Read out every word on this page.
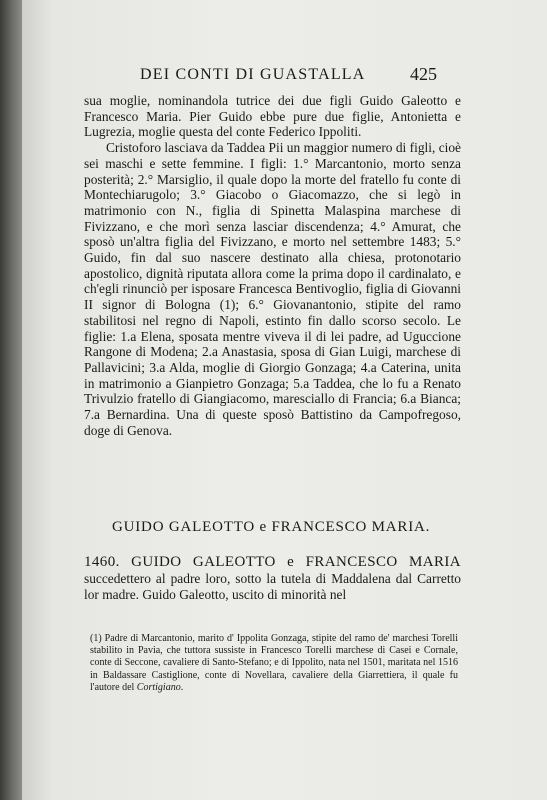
DEI CONTI DI GUASTALLA 425

sua moglie, nominandola tutrice dei due figli Guido Galeotto e Francesco Maria. Pier Guido ebbe pure due figlie, Antonietta e Lugrezia, moglie questa del conte Federico Ippoliti.

Cristoforo lasciava da Taddea Pii un maggior numero di figli, cioè sei maschi e sette femmine. I figli: 1.° Marcantonio, morto senza posterità; 2.° Marsiglio, il quale dopo la morte del fratello fu conte di Montechiarugolo; 3.° Giacobo o Giacomazzo, che si legò in matrimonio con N., figlia di Spinetta Malaspina marchese di Fivizzano, e che morì senza lasciar discendenza; 4.° Amurat, che sposò un'altra figlia del Fivizzano, e morto nel settembre 1483; 5.° Guido, fin dal suo nascere destinato alla chiesa, protonotario apostolico, dignità riputata allora come la prima dopo il cardinalato, e ch'egli rinunciò per isposare Francesca Bentivoglio, figlia di Giovanni II signor di Bologna (1); 6.° Giovanantonio, stipite del ramo stabilitosi nel regno di Napoli, estinto fin dallo scorso secolo. Le figlie: 1.a Elena, sposata mentre viveva il di lei padre, ad Uguccione Rangone di Modena; 2.a Anastasia, sposa di Gian Luigi, marchese di Pallavicini; 3.a Alda, moglie di Giorgio Gonzaga; 4.a Caterina, unita in matrimonio a Gianpietro Gonzaga; 5.a Taddea, che lo fu a Renato Trivulzio fratello di Giangiacomo, maresciallo di Francia; 6.a Bianca; 7.a Bernardina. Una di queste sposò Battistino da Campofregoso, doge di Genova.

GUIDO GALEOTTO e FRANCESCO MARIA.
1460. GUIDO GALEOTTO e FRANCESCO MARIA succedettero al padre loro, sotto la tutela di Maddalena dal Carretto lor madre. Guido Galeotto, uscito di minorità nel
(1) Padre di Marcantonio, marito d' Ippolita Gonzaga, stipite del ramo de' marchesi Torelli stabilito in Pavia, che tuttora sussiste in Francesco Torelli marchese di Casei e Cornale, conte di Seccone, cavaliere di Santo-Stefano; e di Ippolito, nata nel 1501, maritata nel 1516 in Baldassare Castiglione, conte di Novellara, cavaliere della Giarrettiera, il quale fu l'autore del Cortigiano.
